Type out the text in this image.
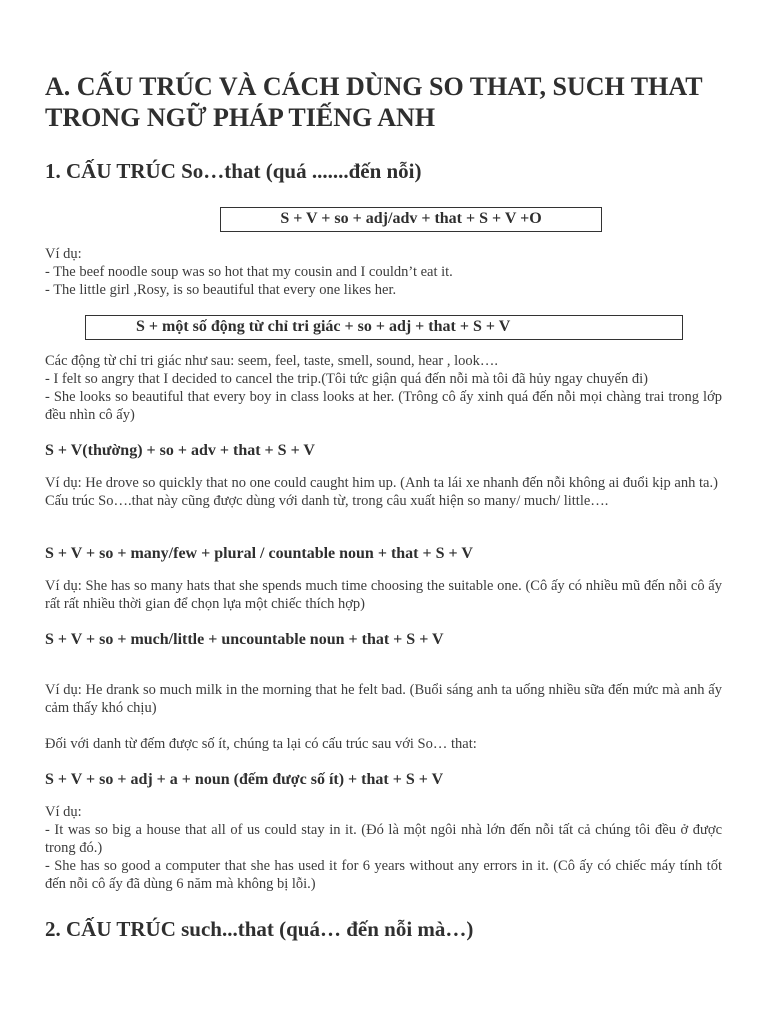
A. CẤU TRÚC VÀ CÁCH DÙNG SO THAT, SUCH THAT
TRONG NGỮ PHÁP TIẾNG ANH
1. CẤU TRÚC So…that (quá .......đến nỗi)
S + V + so + adj/adv + that + S + V +O
Ví dụ:
- The beef noodle soup was so hot that my cousin and I couldn’t eat it.
- The little girl ,Rosy, is so beautiful that every one likes her.
S + một số động từ chỉ tri giác + so + adj + that + S + V
Các động từ chỉ tri giác như sau: seem, feel, taste, smell, sound, hear , look….
- I felt so angry that I decided to cancel the trip.(Tôi tức giận quá đến nỗi mà tôi đã hủy ngay chuyến đi)
- She looks so beautiful that every boy in class looks at her. (Trông cô ấy xinh quá đến nỗi mọi chàng trai trong lớp đều nhìn cô ấy)
S + V(thường) + so + adv + that + S + V
Ví dụ: He drove so quickly that no one could caught him up. (Anh ta lái xe nhanh đến nỗi không ai đuổi kịp anh ta.)
Cấu trúc So….that này cũng được dùng với danh từ, trong câu xuất hiện so many/ much/ little….
S + V + so + many/few + plural / countable noun + that + S + V
Ví dụ: She has so many hats that she spends much time choosing the suitable one. (Cô ấy có nhiều mũ đến nỗi cô ấy rất rất nhiều thời gian để chọn lựa một chiếc thích hợp)
S + V + so + much/little + uncountable noun + that + S + V
Ví dụ: He drank so much milk in the morning that he felt bad. (Buổi sáng anh ta uống nhiều sữa đến mức mà anh ấy cảm thấy khó chịu)
Đối với danh từ đếm được số ít, chúng ta lại có cấu trúc sau với So… that:
S + V + so + adj + a + noun (đếm được số ít) + that + S + V
Ví dụ:
- It was so big a house that all of us could stay in it. (Đó là một ngôi nhà lớn đến nỗi tất cả chúng tôi đều ở được trong đó.)
- She has so good a computer that she has used it for 6 years without any errors in it. (Cô ấy có chiếc máy tính tốt đến nỗi cô ấy đã dùng 6 năm mà không bị lỗi.)
2. CẤU TRÚC such...that (quá… đến nỗi mà…)
